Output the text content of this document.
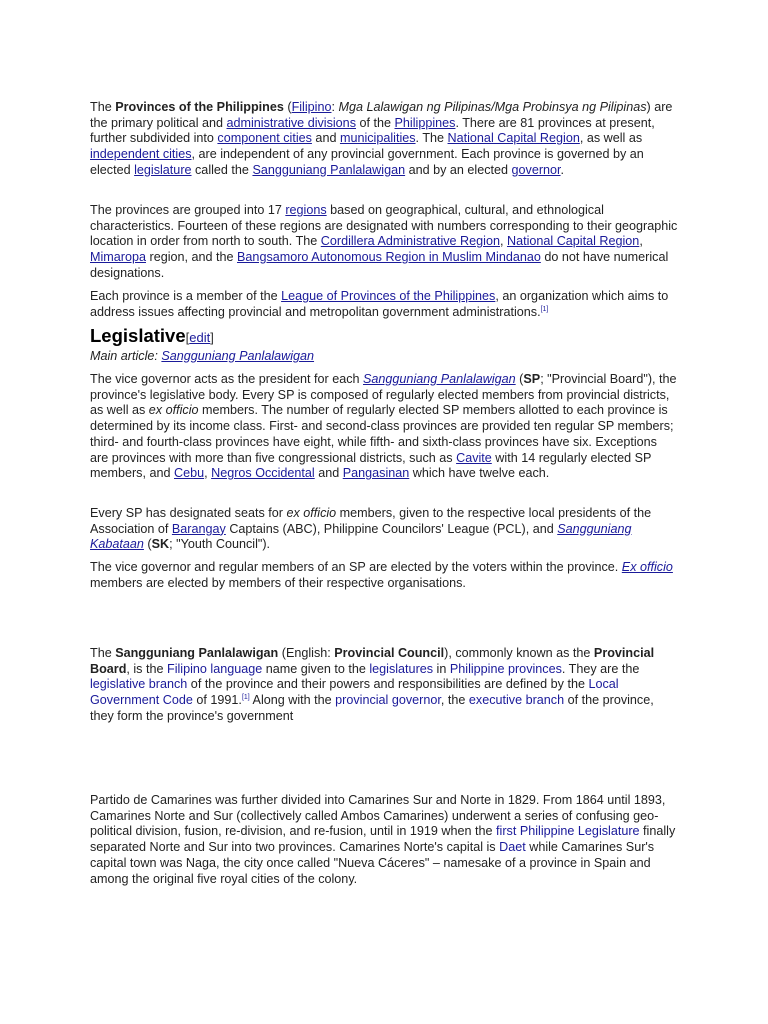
The Provinces of the Philippines (Filipino: Mga Lalawigan ng Pilipinas/Mga Probinsya ng Pilipinas) are the primary political and administrative divisions of the Philippines. There are 81 provinces at present, further subdivided into component cities and municipalities. The National Capital Region, as well as independent cities, are independent of any provincial government. Each province is governed by an elected legislature called the Sangguniang Panlalawigan and by an elected governor.

The provinces are grouped into 17 regions based on geographical, cultural, and ethnological characteristics. Fourteen of these regions are designated with numbers corresponding to their geographic location in order from north to south. The Cordillera Administrative Region, National Capital Region, Mimaropa region, and the Bangsamoro Autonomous Region in Muslim Mindanao do not have numerical designations.

Each province is a member of the League of Provinces of the Philippines, an organization which aims to address issues affecting provincial and metropolitan government administrations.[1]

Legislative[edit]

Main article: Sangguniang Panlalawigan

The vice governor acts as the president for each Sangguniang Panlalawigan (SP; "Provincial Board"), the province's legislative body. Every SP is composed of regularly elected members from provincial districts, as well as ex officio members. The number of regularly elected SP members allotted to each province is determined by its income class. First- and second-class provinces are provided ten regular SP members; third- and fourth-class provinces have eight, while fifth- and sixth-class provinces have six. Exceptions are provinces with more than five congressional districts, such as Cavite with 14 regularly elected SP members, and Cebu, Negros Occidental and Pangasinan which have twelve each.

Every SP has designated seats for ex officio members, given to the respective local presidents of the Association of Barangay Captains (ABC), Philippine Councilors' League (PCL), and Sangguniang Kabataan (SK; "Youth Council").

The vice governor and regular members of an SP are elected by the voters within the province. Ex officio members are elected by members of their respective organisations.

The Sangguniang Panlalawigan (English: Provincial Council), commonly known as the Provincial Board, is the Filipino language name given to the legislatures in Philippine provinces. They are the legislative branch of the province and their powers and responsibilities are defined by the Local Government Code of 1991.[1] Along with the provincial governor, the executive branch of the province, they form the province's government

Partido de Camarines was further divided into Camarines Sur and Norte in 1829. From 1864 until 1893, Camarines Norte and Sur (collectively called Ambos Camarines) underwent a series of confusing geo-political division, fusion, re-division, and re-fusion, until in 1919 when the first Philippine Legislature finally separated Norte and Sur into two provinces. Camarines Norte's capital is Daet while Camarines Sur's capital town was Naga, the city once called "Nueva Cáceres" – namesake of a province in Spain and among the original five royal cities of the colony.
